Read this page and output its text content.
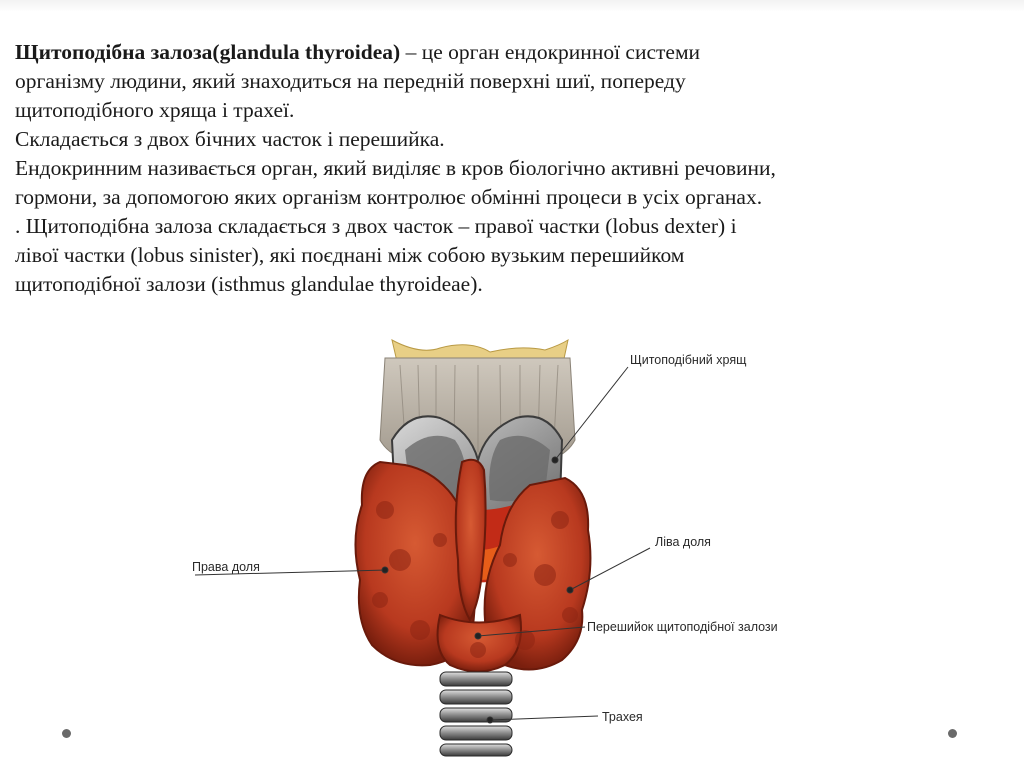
Щитоподібна залоза(glandula thyroidea) – це орган ендокринної системи

організму людини, який знаходиться на передній поверхні шиї, попереду

щитоподібного хряща і трахеї.

Складається з двох бічних часток і перешийка.

Ендокринним називається орган, який виділяє в кров біологічно активні речовини,

гормони, за допомогою яких організм контролює обмінні процеси в усіх органах.

. Щитоподібна залоза складається з двох часток – правої частки (lobus dexter) і

лівої частки (lobus sinister), які поєднані між собою вузьким перешийком

щитоподібної залози (isthmus glandulae thyroideae).

Щитоподібний хрящ
Права доля
Ліва доля
Перешийок щитоподібної залози
Трахея
